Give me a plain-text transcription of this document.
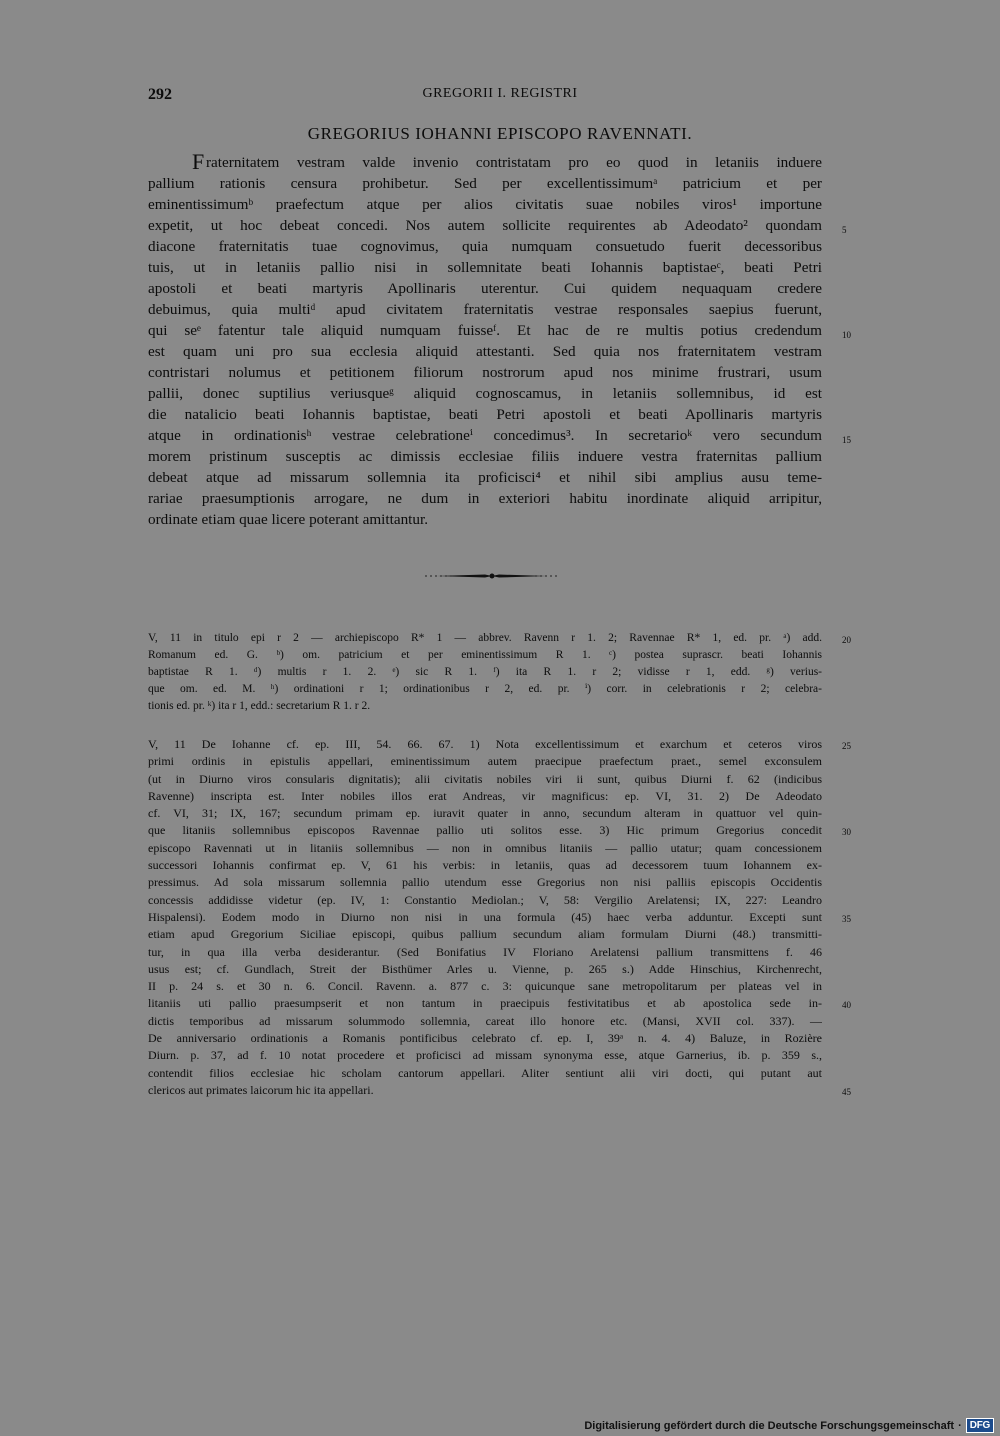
292	GREGORII I. REGISTRI
GREGORIUS IOHANNI EPISCOPO RAVENNATI.
F raternitatem vestram valde invenio contristatam pro eo quod in letaniis induere
pallium rationis censura prohibetur. Sed per excellentissimumᵃ patricium et per
eminentissimumᵇ praefectum atque per alios civitatis suae nobiles viros¹ importune
expetit, ut hoc debeat concedi. Nos autem sollicite requirentes ab Adeodato² quondam 5
diacone fraternitatis tuae cognovimus, quia numquam consuetudo fuerit decessoribus
tuis, ut in letaniis pallio nisi in sollemnitate beati Iohannis baptistaeᶜ, beati Petri
apostoli et beati martyris Apollinaris uterentur. Cui quidem nequaquam credere
debuimus, quia multiᵈ apud civitatem fraternitatis vestrae responsales saepius fuerunt,
qui seᵉ fatentur tale aliquid numquam fuisseᶠ. Et hac de re multis potius credendum 10
est quam uni pro sua ecclesia aliquid attestanti. Sed quia nos fraternitatem vestram
contristari nolumus et petitionem filiorum nostrorum apud nos minime frustrari, usum
pallii, donec suptilius veriusqueᵍ aliquid cognoscamus, in letaniis sollemnibus, id est
die natalicio beati Iohannis baptistae, beati Petri apostoli et beati Apollinaris martyris
atque in ordinationisʰ vestrae celebrationeⁱ concedimus³. In secretarioᵏ vero secundum 15
morem pristinum susceptis ac dimissis ecclesiae filiis induere vestra fraternitas pallium
debeat atque ad missarum sollemnia ita proficisci⁴ et nihil sibi amplius ausu teme-
rariae praesumptionis arrogare, ne dum in exteriori habitu inordinate aliquid arripitur,
ordinate etiam quae licere poterant amittantur.
V, 11 in titulo epi r 2 — archiepiscopo R* 1 — abbrev. Ravenn r 1. 2; Ravennae R* 1, ed. pr. ᵃ) add. 20
Romanum ed. G. ᵇ) om. patricium et per eminentissimum R 1. ᶜ) postea suprascr. beati Iohannis
baptistae R 1. ᵈ) multis r 1. 2. ᵉ) sic R 1. ᶠ) ita R 1. r 2; vidisse r 1, edd. ᵍ) verius-
que om. ed. M. ʰ) ordinationi r 1; ordinationibus r 2, ed. pr. ⁱ) corr. in celebrationis r 2; celebra-
tionis ed. pr. ᵏ) ita r 1, edd.: secretarium R 1. r 2.
V, 11 De Iohanne cf. ep. III, 54. 66. 67. 1) Nota excellentissimum et exarchum et ceteros viros 25
primi ordinis in epistulis appellari, eminentissimum autem praecipue praefectum praet., semel exconsulem
(ut in Diurno viros consularis dignitatis); alii civitatis nobiles viri ii sunt, quibus Diurni f. 62 (indicibus
Ravenne) inscripta est. Inter nobiles illos erat Andreas, vir magnificus: ep. VI, 31. 2) De Adeodato
cf. VI, 31; IX, 167; secundum primam ep. iuravit quater in anno, secundum alteram in quattuor vel quin-
que litaniis sollemnibus episcopos Ravennae pallio uti solitos esse. 3) Hic primum Gregorius concedit 30
episcopo Ravennati ut in litaniis sollemnibus — non in omnibus litaniis — pallio utatur; quam concessionem
successori Iohannis confirmat ep. V, 61 his verbis: in letaniis, quas ad decessorem tuum Iohannem ex-
pressimus. Ad sola missarum sollemnia pallio utendum esse Gregorius non nisi palliis episcopis Occidentis
concessis addidisse videtur (ep. IV, 1: Constantio Mediolan.; V, 58: Vergilio Arelatensi; IX, 227: Leandro
Hispalensi). Eodem modo in Diurno non nisi in una formula (45) haec verba adduntur. Excepti sunt 35
etiam apud Gregorium Siciliae episcopi, quibus pallium secundum aliam formulam Diurni (48.) transmitti-
tur, in qua illa verba desiderantur. (Sed Bonifatius IV Floriano Arelatensi pallium transmittens f. 46
usus est; cf. Gundlach, Streit der Bisthümer Arles u. Vienne, p. 265 s.) Adde Hinschius, Kirchenrecht,
II p. 24 s. et 30 n. 6. Concil. Ravenn. a. 877 c. 3: quicunque sane metropolitarum per plateas vel in
litaniis uti pallio praesumpserit et non tantum in praecipuis festivitatibus et ab apostolica sede in- 40
dictis temporibus ad missarum solummodo sollemnia, careat illo honore etc. (Mansi, XVII col. 337). —
De anniversario ordinationis a Romanis pontificibus celebrato cf. ep. I, 39ᵃ n. 4. 4) Baluze, in Rozière
Diurn. p. 37, ad f. 10 notat procedere et proficisci ad missam synonyma esse, atque Garnerius, ib. p. 359 s.,
contendit filios ecclesiae hic scholam cantorum appellari. Aliter sentiunt alii viri docti, qui putant aut
clericos aut primates laicorum hic ita appellari.	45
Digitalisierung gefördert durch die Deutsche Forschungsgemeinschaft · DFG
